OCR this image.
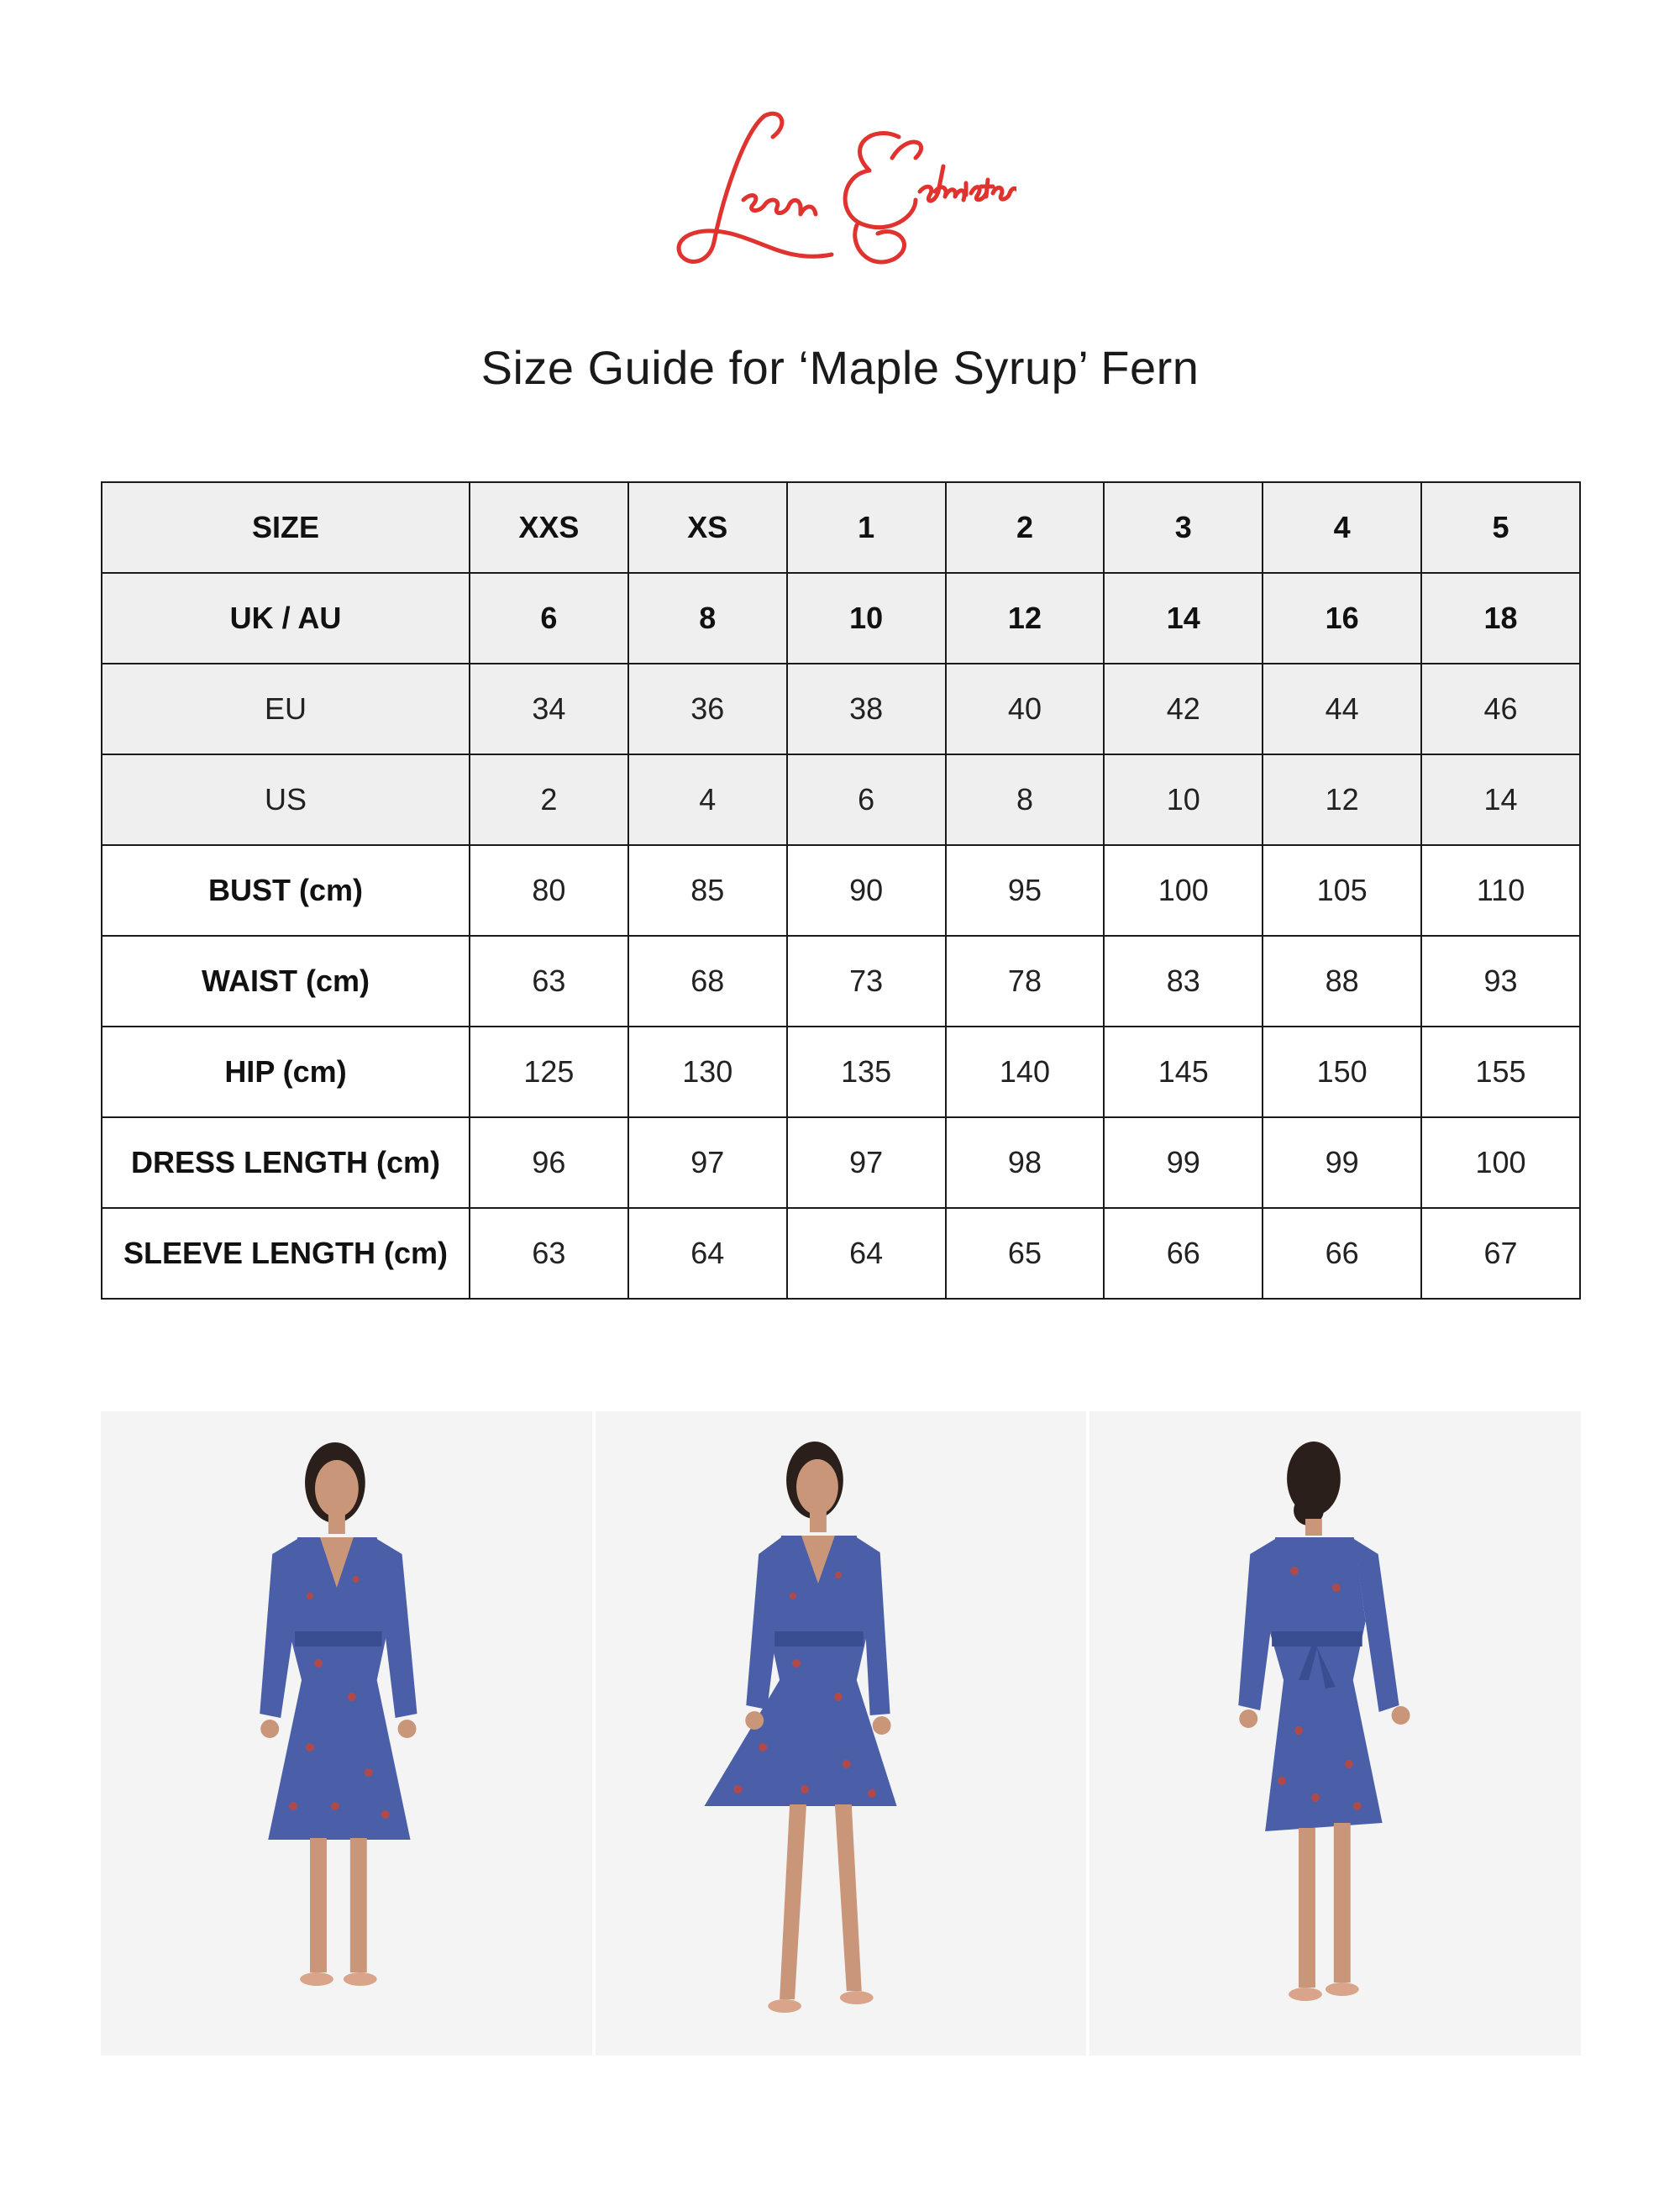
Size Guide for ‘Maple Syrup’ Fern
SIZE	XXS	XS	1	2	3	4	5
UK / AU	6	8	10	12	14	16	18
EU	34	36	38	40	42	44	46
US	2	4	6	8	10	12	14
BUST (cm)	80	85	90	95	100	105	110
WAIST (cm)	63	68	73	78	83	88	93
HIP (cm)	125	130	135	140	145	150	155
DRESS LENGTH (cm)	96	97	97	98	99	99	100
SLEEVE LENGTH (cm)	63	64	64	65	66	66	67
